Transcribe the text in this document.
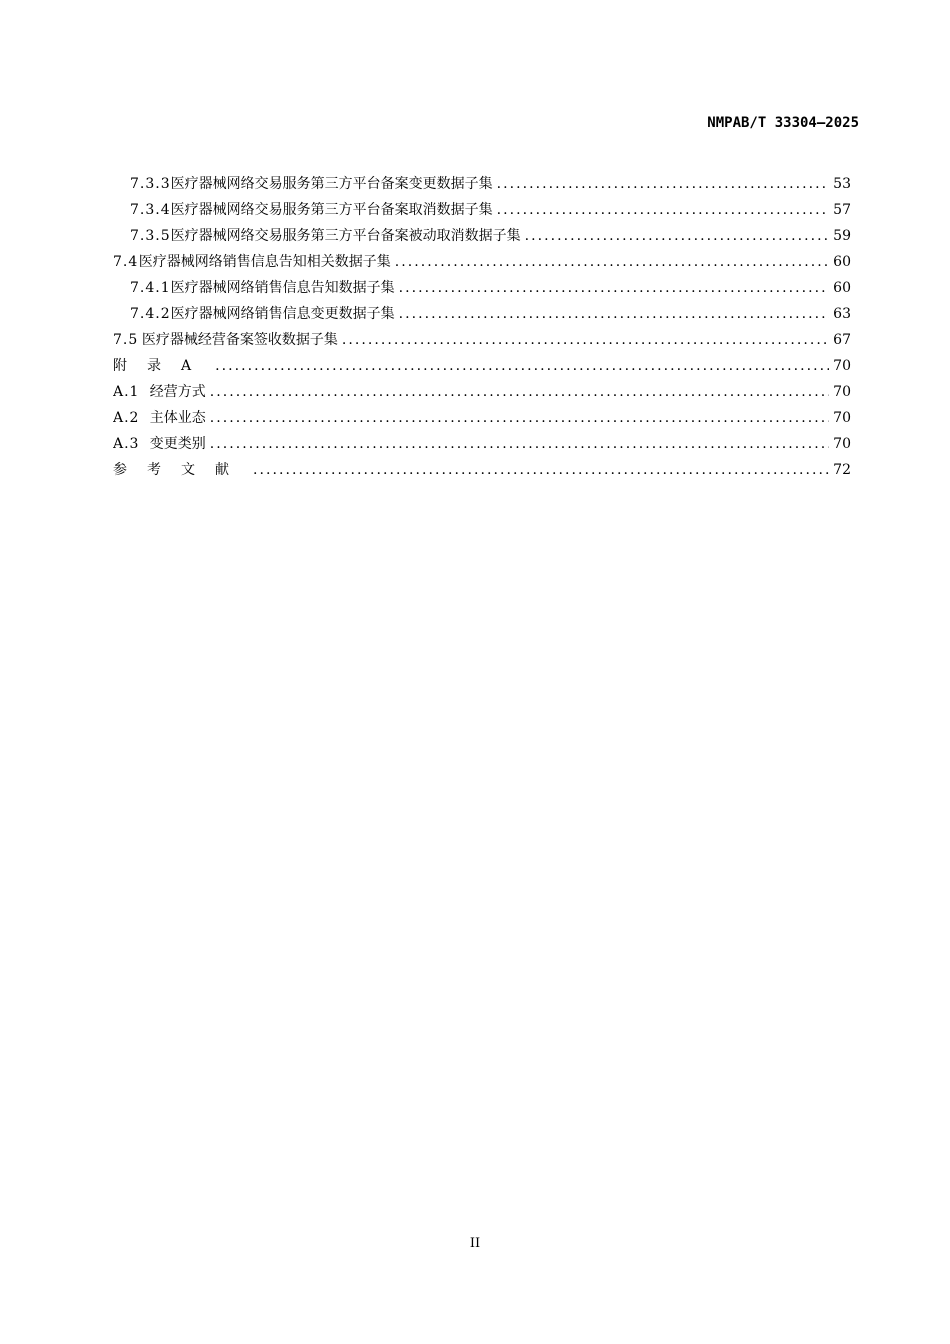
NMPAB/T 33304—2025
7.3.3 医疗器械网络交易服务第三方平台备案变更数据子集 . . .	53
7.3.4 医疗器械网络交易服务第三方平台备案取消数据子集 . . .	57
7.3.5 医疗器械网络交易服务第三方平台备案被动取消数据子集 . . .	59
7.4 医疗器械网络销售信息告知相关数据子集 . . .	60
7.4.1 医疗器械网络销售信息告知数据子集 . . .	60
7.4.2 医疗器械网络销售信息变更数据子集 . . .	63
7.5 医疗器械经营备案签收数据子集 . . .	67
附录A . . .	70
A.1 经营方式 . . .	70
A.2 主体业态 . . .	70
A.3 变更类别 . . .	70
参考文献 . . .	72
II
